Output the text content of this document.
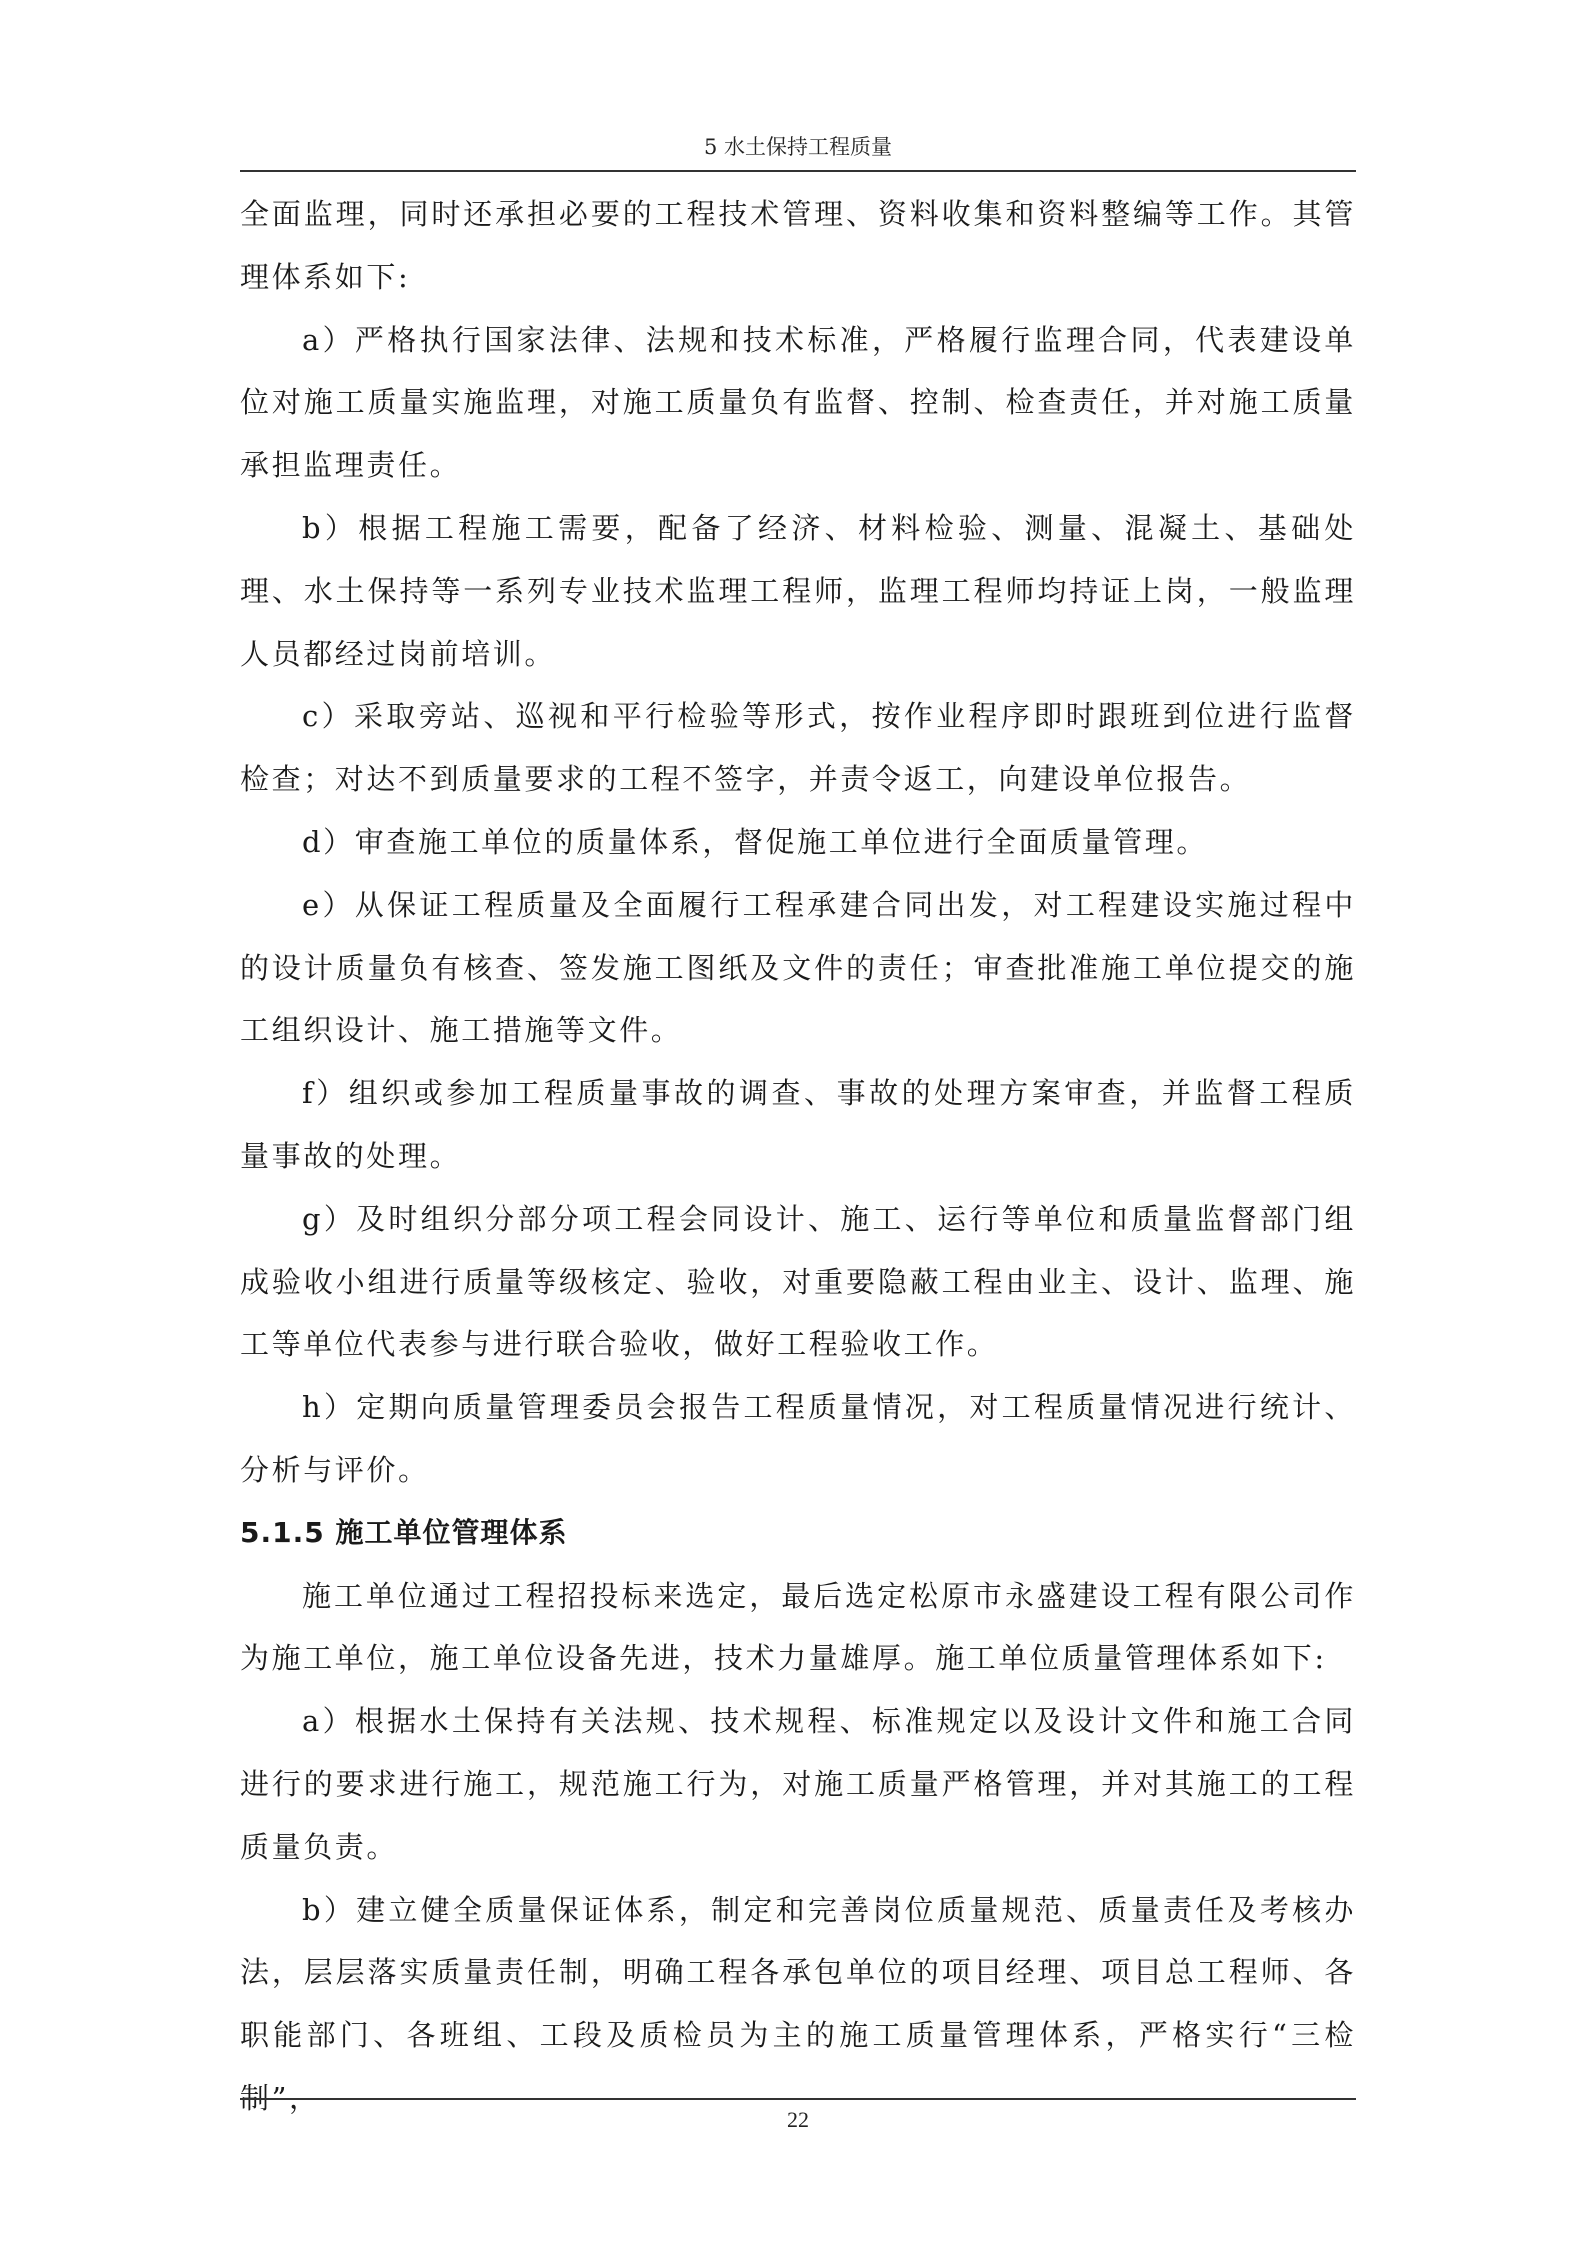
5 水土保持工程质量

全面监理，同时还承担必要的工程技术管理、资料收集和资料整编等工作。其管理体系如下:

a）严格执行国家法律、法规和技术标准，严格履行监理合同，代表建设单位对施工质量实施监理，对施工质量负有监督、控制、检查责任，并对施工质量承担监理责任。

b）根据工程施工需要，配备了经济、材料检验、测量、混凝土、基础处理、水土保持等一系列专业技术监理工程师，监理工程师均持证上岗，一般监理人员都经过岗前培训。

c）采取旁站、巡视和平行检验等形式，按作业程序即时跟班到位进行监督检查；对达不到质量要求的工程不签字，并责令返工，向建设单位报告。

d）审查施工单位的质量体系，督促施工单位进行全面质量管理。

e）从保证工程质量及全面履行工程承建合同出发，对工程建设实施过程中的设计质量负有核查、签发施工图纸及文件的责任；审查批准施工单位提交的施工组织设计、施工措施等文件。

f）组织或参加工程质量事故的调查、事故的处理方案审查，并监督工程质量事故的处理。

g）及时组织分部分项工程会同设计、施工、运行等单位和质量监督部门组成验收小组进行质量等级核定、验收，对重要隐蔽工程由业主、设计、监理、施工等单位代表参与进行联合验收，做好工程验收工作。

h）定期向质量管理委员会报告工程质量情况，对工程质量情况进行统计、分析与评价。

5.1.5 施工单位管理体系

施工单位通过工程招投标来选定，最后选定松原市永盛建设工程有限公司作为施工单位，施工单位设备先进，技术力量雄厚。施工单位质量管理体系如下:

a）根据水土保持有关法规、技术规程、标准规定以及设计文件和施工合同进行的要求进行施工，规范施工行为，对施工质量严格管理，并对其施工的工程质量负责。

b）建立健全质量保证体系，制定和完善岗位质量规范、质量责任及考核办法，层层落实质量责任制，明确工程各承包单位的项目经理、项目总工程师、各职能部门、各班组、工段及质检员为主的施工质量管理体系，严格实行“三检制”，

22
